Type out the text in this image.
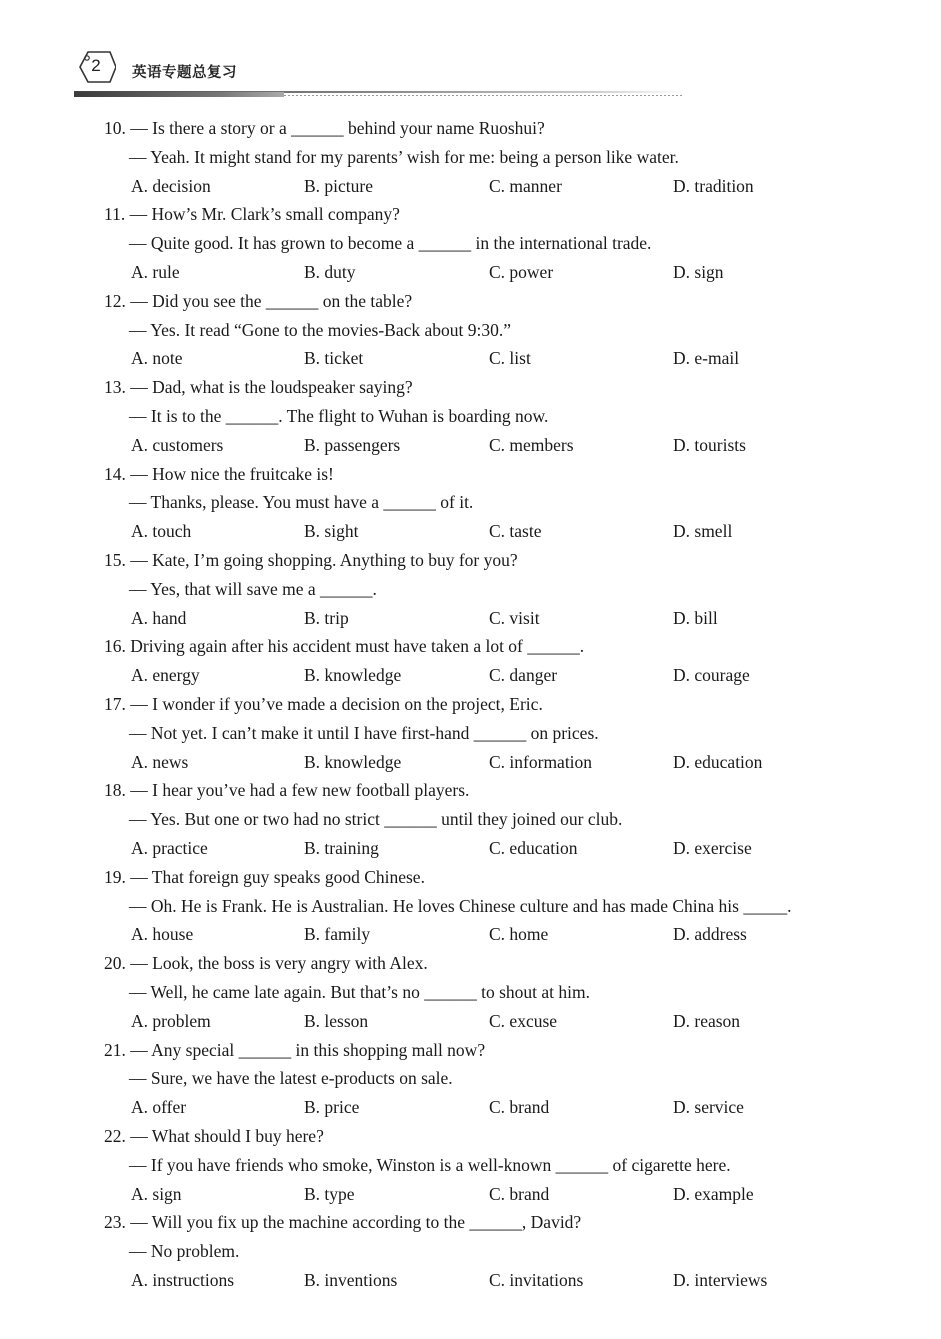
2	英语专题总复习
10. — Is there a story or a ______ behind your name Ruoshui?
— Yeah. It might stand for my parents’ wish for me: being a person like water.
A. decision	B. picture	C. manner	D. tradition
11. — How’s Mr. Clark’s small company?
— Quite good. It has grown to become a ______ in the international trade.
A. rule	B. duty	C. power	D. sign
12. — Did you see the ______ on the table?
— Yes. It read “Gone to the movies-Back about 9:30.”
A. note	B. ticket	C. list	D. e-mail
13. — Dad, what is the loudspeaker saying?
— It is to the ______. The flight to Wuhan is boarding now.
A. customers	B. passengers	C. members	D. tourists
14. — How nice the fruitcake is!
— Thanks, please. You must have a ______ of it.
A. touch	B. sight	C. taste	D. smell
15. — Kate, I’m going shopping. Anything to buy for you?
— Yes, that will save me a ______.
A. hand	B. trip	C. visit	D. bill
16. Driving again after his accident must have taken a lot of ______.
A. energy	B. knowledge	C. danger	D. courage
17. — I wonder if you’ve made a decision on the project, Eric.
— Not yet. I can’t make it until I have first-hand ______ on prices.
A. news	B. knowledge	C. information	D. education
18. — I hear you’ve had a few new football players.
— Yes. But one or two had no strict ______ until they joined our club.
A. practice	B. training	C. education	D. exercise
19. — That foreign guy speaks good Chinese.
— Oh. He is Frank. He is Australian. He loves Chinese culture and has made China his _____.
A. house	B. family	C. home	D. address
20. — Look, the boss is very angry with Alex.
— Well, he came late again. But that’s no ______ to shout at him.
A. problem	B. lesson	C. excuse	D. reason
21. — Any special ______ in this shopping mall now?
— Sure, we have the latest e-products on sale.
A. offer	B. price	C. brand	D. service
22. — What should I buy here?
— If you have friends who smoke, Winston is a well-known ______ of cigarette here.
A. sign	B. type	C. brand	D. example
23. — Will you fix up the machine according to the ______, David?
— No problem.
A. instructions	B. inventions	C. invitations	D. interviews
